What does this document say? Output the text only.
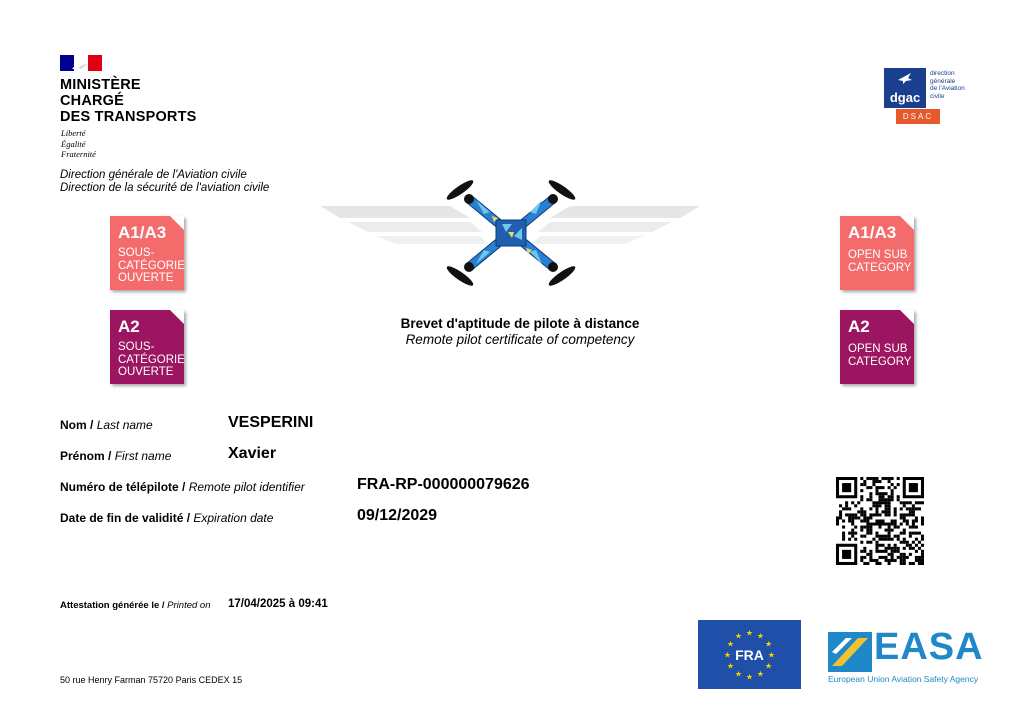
MINISTÈRE
CHARGÉ
DES TRANSPORTS
Liberté
Égalité
Fraternité
Direction générale de l'Aviation civile
Direction de la sécurité de l'aviation civile
dgac
direction
générale
de l'Aviation
civile
DSAC
A1/A3
SOUS-
CATÉGORIE
OUVERTE
A2
SOUS-
CATÉGORIE
OUVERTE
A1/A3
OPEN SUB
CATEGORY
A2
OPEN SUB
CATEGORY
Brevet d'aptitude de pilote à distance
Remote pilot certificate of competency
Nom / Last name	VESPERINI
Prénom / First name	Xavier
Numéro de télépilote / Remote pilot identifier	FRA-RP-000000079626
Date de fin de validité / Expiration date	09/12/2029
Attestation générée le / Printed on 17/04/2025 à 09:41
★ ★
★
★
★
★
★
★
★
★
★
★
FRA	EASA
European Union Aviation Safety Agency
50 rue Henry Farman 75720 Paris CEDEX 15
